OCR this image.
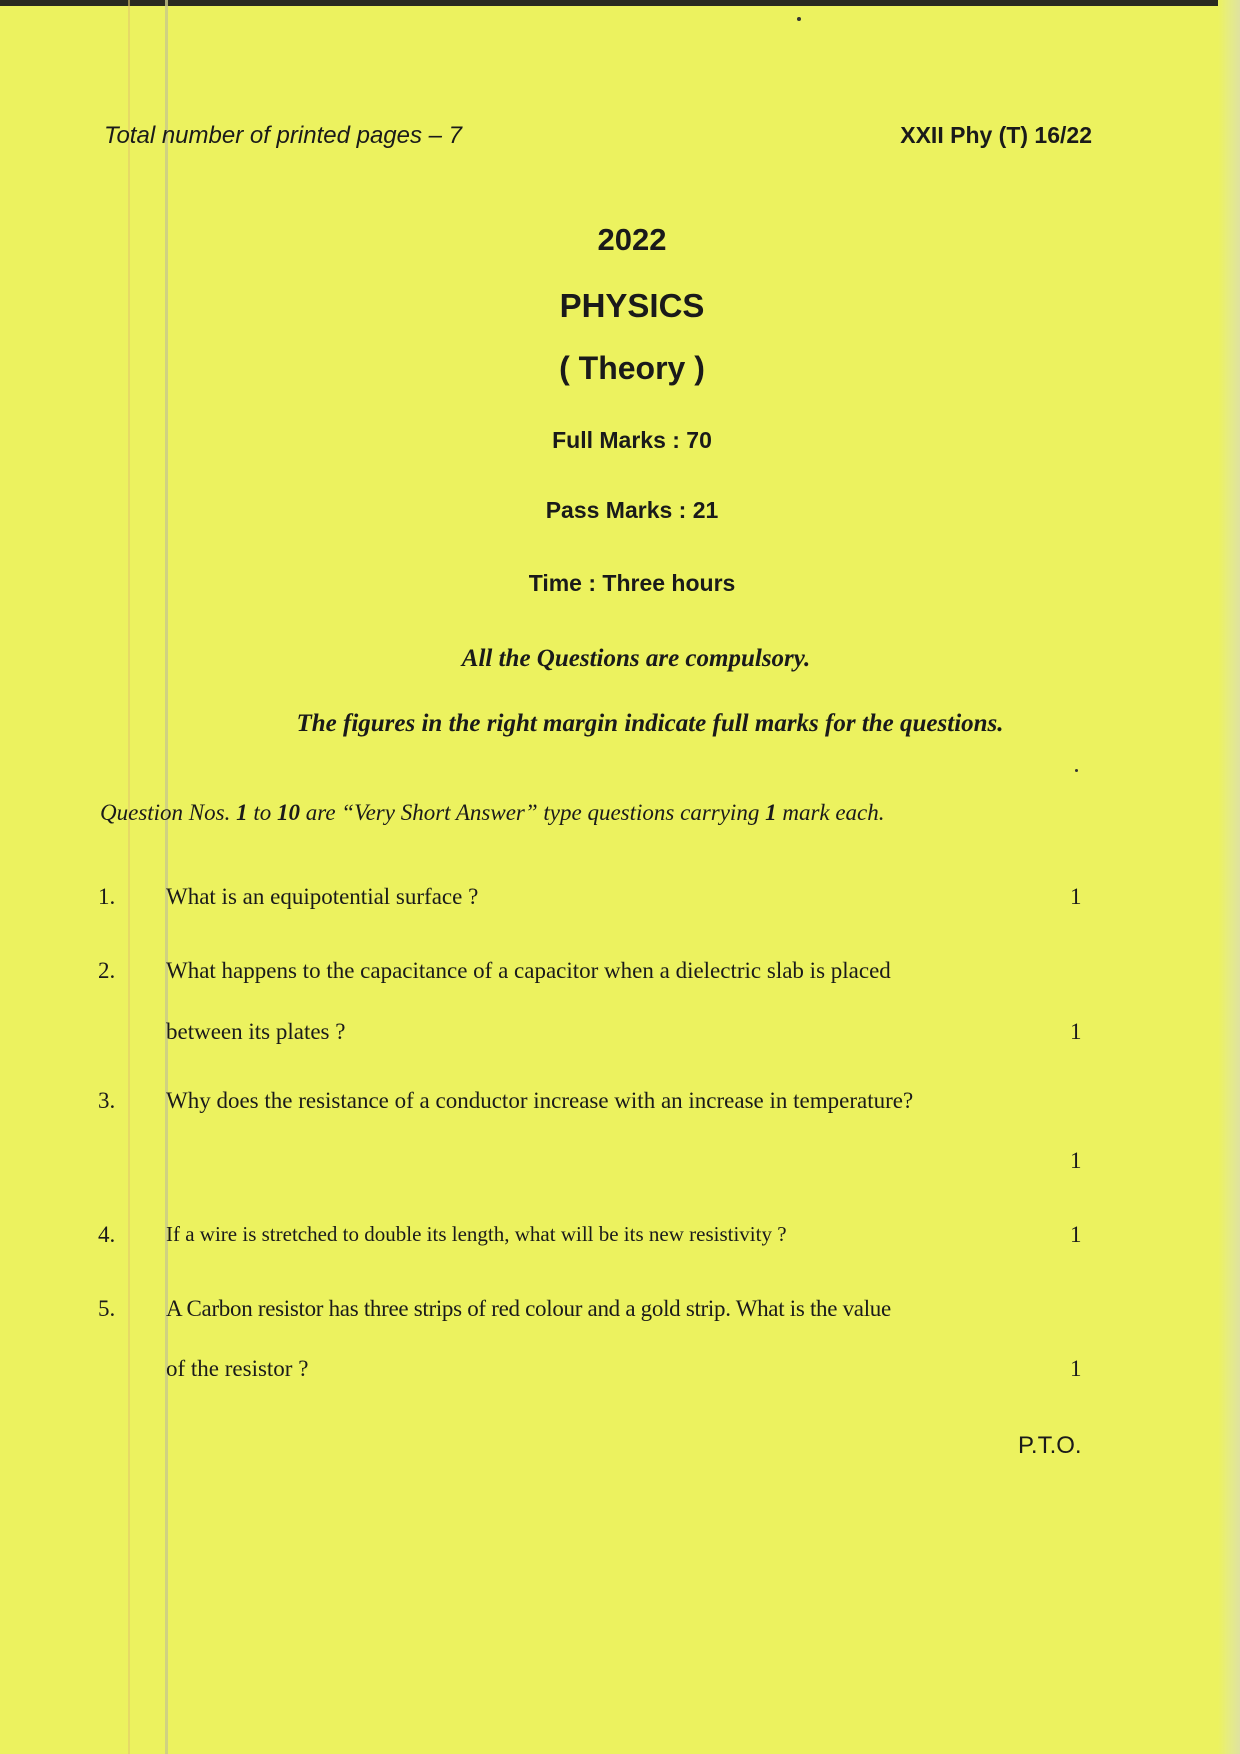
Total number of printed pages – 7	XXII Phy (T) 16/22
2022
PHYSICS
( Theory )
Full Marks : 70
Pass Marks : 21
Time : Three hours
All the Questions are compulsory.
The figures in the right margin indicate full marks for the questions.
Question Nos. 1 to 10 are “Very Short Answer” type questions carrying 1 mark each.
1. What is an equipotential surface ?	1
2. What happens to the capacitance of a capacitor when a dielectric slab is placed
between its plates ?	1
3. Why does the resistance of a conductor increase with an increase in temperature?
1
4. If a wire is stretched to double its length, what will be its new resistivity ?	1
5. A Carbon resistor has three strips of red colour and a gold strip. What is the value
of the resistor ?	1
P.T.O.
